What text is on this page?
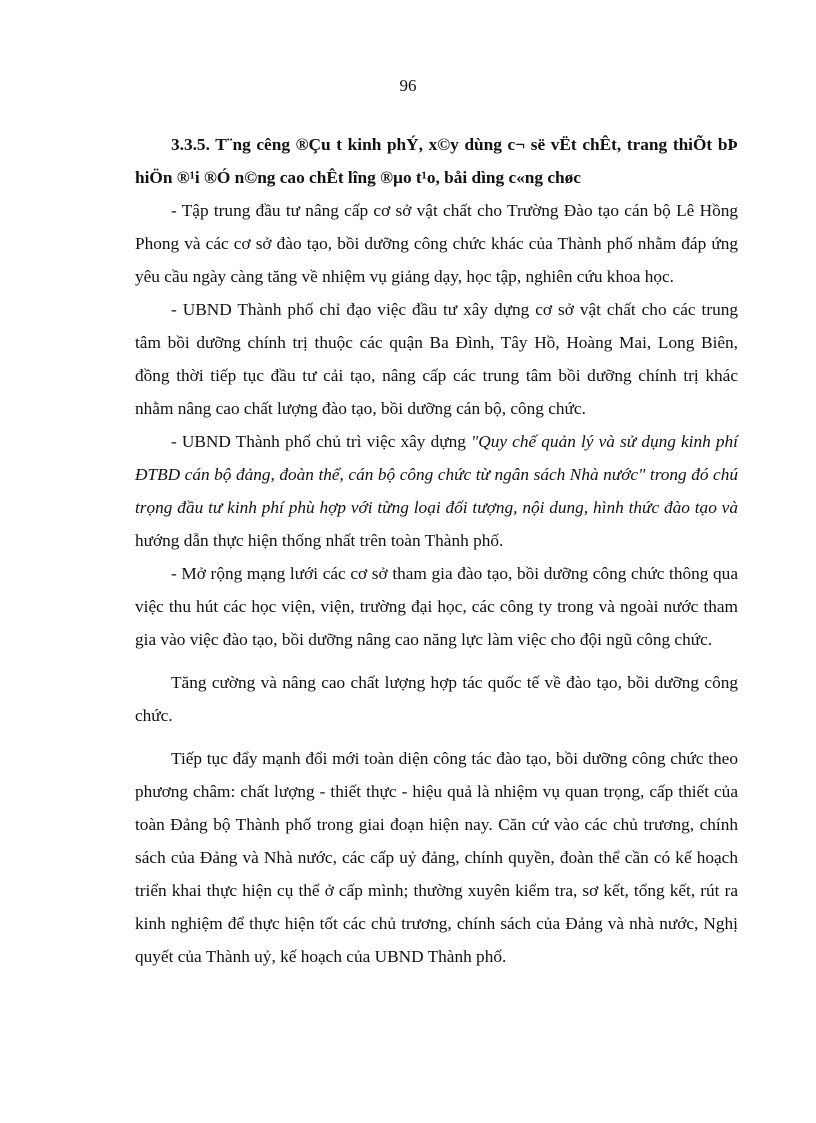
96

3.3.5. T¨ng cêng ®Çu t kinh phÝ, x©y dùng c¬ së vËt chÊt, trang thiÕt bÞ hiÖn ®¹i ®Ó n©ng cao chÊt lîng ®µo t¹o, båi dìng c«ng chøc

- Tập trung đầu tư nâng cấp cơ sở vật chất cho Trường Đào tạo cán bộ Lê Hồng Phong và các cơ sở đào tạo, bồi dưỡng công chức khác của Thành phố nhằm đáp ứng yêu cầu ngày càng tăng về nhiệm vụ giảng dạy, học tập, nghiên cứu khoa học.

- UBND Thành phố chỉ đạo việc đầu tư xây dựng cơ sở vật chất cho các trung tâm bồi dưỡng chính trị thuộc các quận Ba Đình, Tây Hồ, Hoàng Mai, Long Biên, đồng thời tiếp tục đầu tư cải tạo, nâng cấp các trung tâm bồi dưỡng chính trị khác nhằm nâng cao chất lượng đào tạo, bồi dưỡng cán bộ, công chức.

- UBND Thành phố chủ trì việc xây dựng "Quy chế quản lý và sử dụng kinh phí ĐTBD cán bộ đảng, đoàn thể, cán bộ công chức từ ngân sách Nhà nước" trong đó chú trọng đầu tư kinh phí phù hợp với từng loại đối tượng, nội dung, hình thức đào tạo và hướng dẫn thực hiện thống nhất trên toàn Thành phố.

- Mở rộng mạng lưới các cơ sở tham gia đào tạo, bồi dưỡng công chức thông qua việc thu hút các học viện, viện, trường đại học, các công ty trong và ngoài nước tham gia vào việc đào tạo, bồi dưỡng nâng cao năng lực làm việc cho đội ngũ công chức.

Tăng cường và nâng cao chất lượng hợp tác quốc tế về đào tạo, bồi dưỡng công chức.

Tiếp tục đẩy mạnh đổi mới toàn diện công tác đào tạo, bồi dưỡng công chức theo phương châm: chất lượng - thiết thực - hiệu quả là nhiệm vụ quan trọng, cấp thiết của toàn Đảng bộ Thành phố trong giai đoạn hiện nay. Căn cứ vào các chủ trương, chính sách của Đảng và Nhà nước, các cấp uỷ đảng, chính quyền, đoàn thể cần có kế hoạch triển khai thực hiện cụ thể ở cấp mình; thường xuyên kiểm tra, sơ kết, tổng kết, rút ra kinh nghiệm để thực hiện tốt các chủ trương, chính sách của Đảng và nhà nước, Nghị quyết của Thành uỷ, kế hoạch của UBND Thành phố.
